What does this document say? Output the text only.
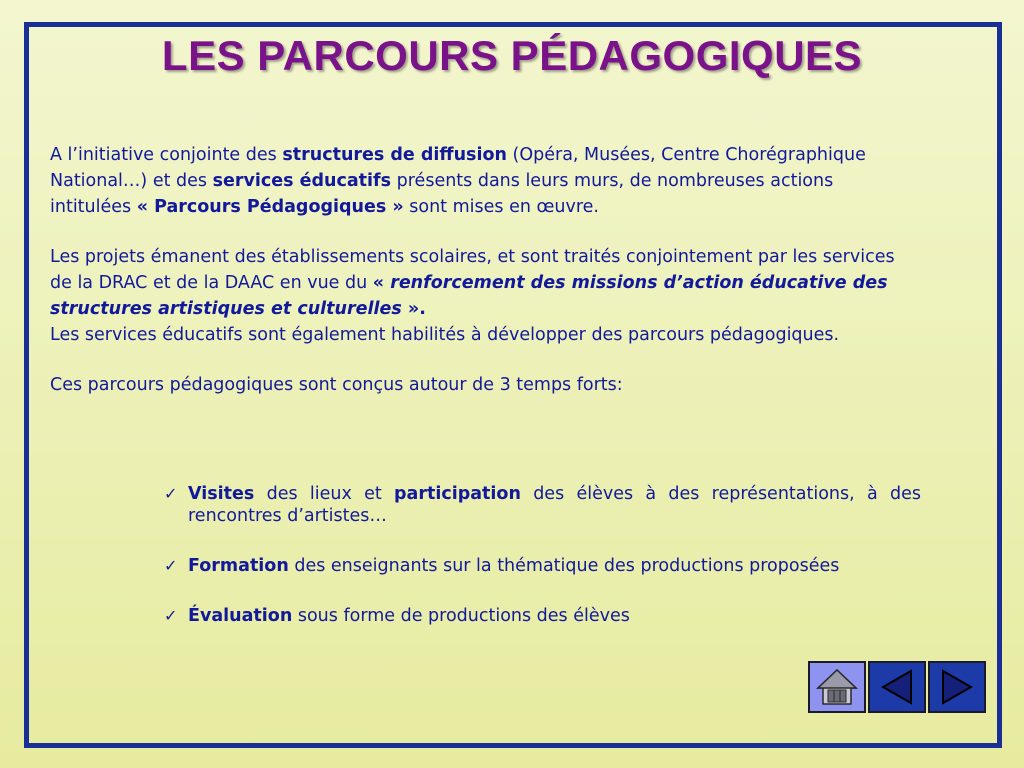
LES PARCOURS PÉDAGOGIQUES

A l’initiative conjointe des structures de diffusion (Opéra, Musées, Centre Chorégraphique National…) et des services éducatifs présents dans leurs murs, de nombreuses actions intitulées « Parcours Pédagogiques » sont mises en œuvre.

Les projets émanent des établissements scolaires, et sont traités conjointement par les services de la DRAC et de la DAAC en vue du « renforcement des missions d’action éducative des structures artistiques et culturelles ».

Les services éducatifs sont également habilités à développer des parcours pédagogiques.

Ces parcours pédagogiques sont conçus autour de 3 temps forts:

✓ Visites des lieux et participation des élèves à des représentations, à des rencontres d’artistes…
✓ Formation des enseignants sur la thématique des productions proposées
✓ Évaluation sous forme de productions des élèves
